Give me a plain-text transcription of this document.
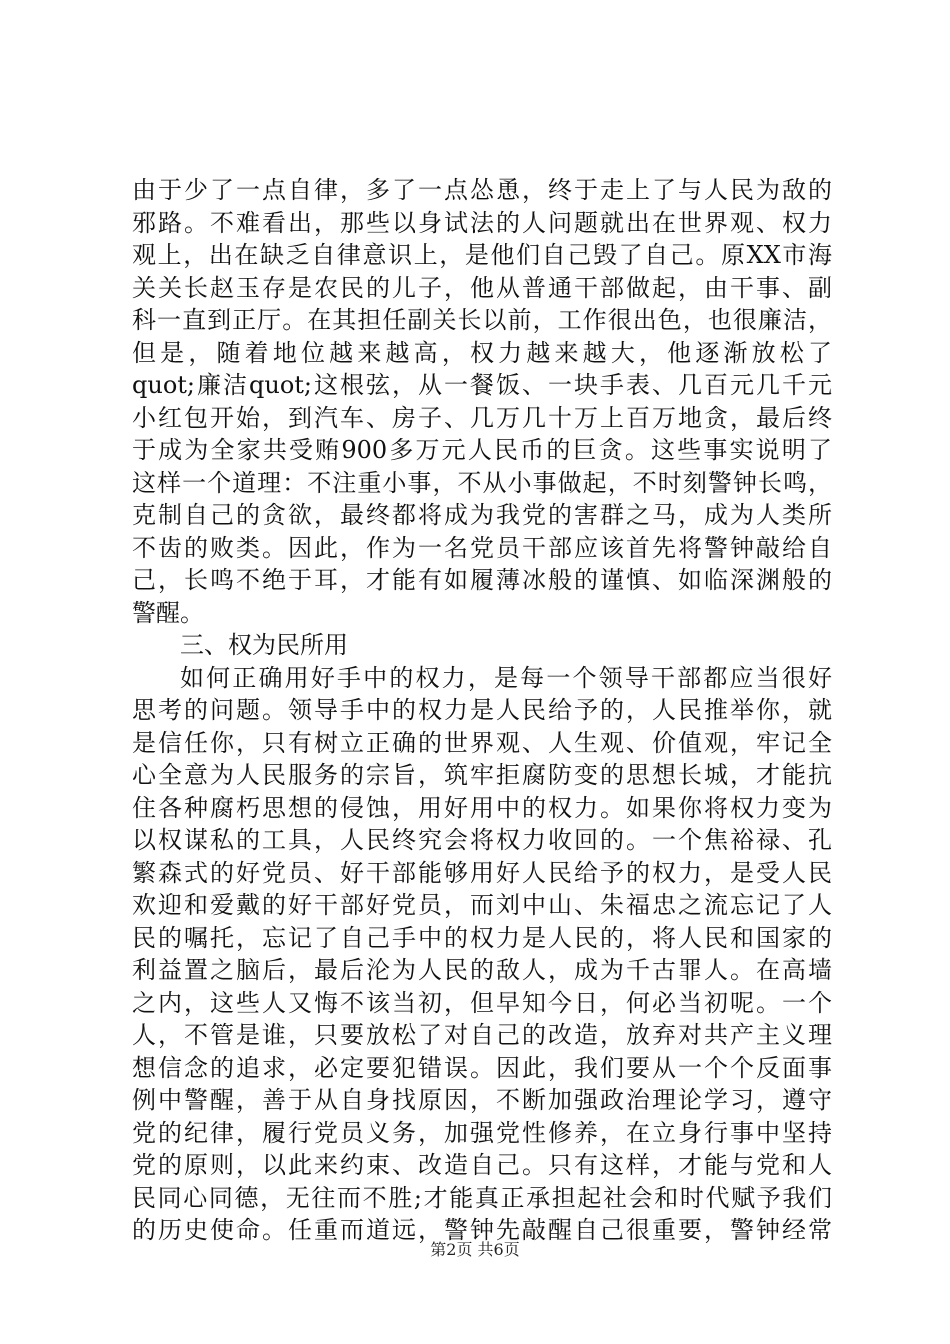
由于少了一点自律，多了一点怂恿，终于走上了与人民为敌的
邪路。不难看出，那些以身试法的人问题就出在世界观、权力
观上，出在缺乏自律意识上，是他们自己毁了自己。原XX市海
关关长赵玉存是农民的儿子，他从普通干部做起，由干事、副
科一直到正厅。在其担任副关长以前，工作很出色，也很廉洁，
但是，随着地位越来越高，权力越来越大，他逐渐放松了
quot;廉洁quot;这根弦，从一餐饭、一块手表、几百元几千元
小红包开始，到汽车、房子、几万几十万上百万地贪，最后终
于成为全家共受贿900多万元人民币的巨贪。这些事实说明了
这样一个道理：不注重小事，不从小事做起，不时刻警钟长鸣，
克制自己的贪欲，最终都将成为我党的害群之马，成为人类所
不齿的败类。因此，作为一名党员干部应该首先将警钟敲给自
己，长鸣不绝于耳，才能有如履薄冰般的谨慎、如临深渊般的
警醒。
三、权为民所用
如何正确用好手中的权力，是每一个领导干部都应当很好
思考的问题。领导手中的权力是人民给予的，人民推举你，就
是信任你，只有树立正确的世界观、人生观、价值观，牢记全
心全意为人民服务的宗旨，筑牢拒腐防变的思想长城，才能抗
住各种腐朽思想的侵蚀，用好用中的权力。如果你将权力变为
以权谋私的工具，人民终究会将权力收回的。一个焦裕禄、孔
繁森式的好党员、好干部能够用好人民给予的权力，是受人民
欢迎和爱戴的好干部好党员，而刘中山、朱福忠之流忘记了人
民的嘱托，忘记了自己手中的权力是人民的，将人民和国家的
利益置之脑后，最后沦为人民的敌人，成为千古罪人。在高墙
之内，这些人又悔不该当初，但早知今日，何必当初呢。一个
人，不管是谁，只要放松了对自己的改造，放弃对共产主义理
想信念的追求，必定要犯错误。因此，我们要从一个个反面事
例中警醒，善于从自身找原因，不断加强政治理论学习，遵守
党的纪律，履行党员义务，加强党性修养，在立身行事中坚持
党的原则，以此来约束、改造自己。只有这样，才能与党和人
民同心同德，无往而不胜;才能真正承担起社会和时代赋予我们
的历史使命。任重而道远，警钟先敲醒自己很重要，警钟经常
第2页 共6页
